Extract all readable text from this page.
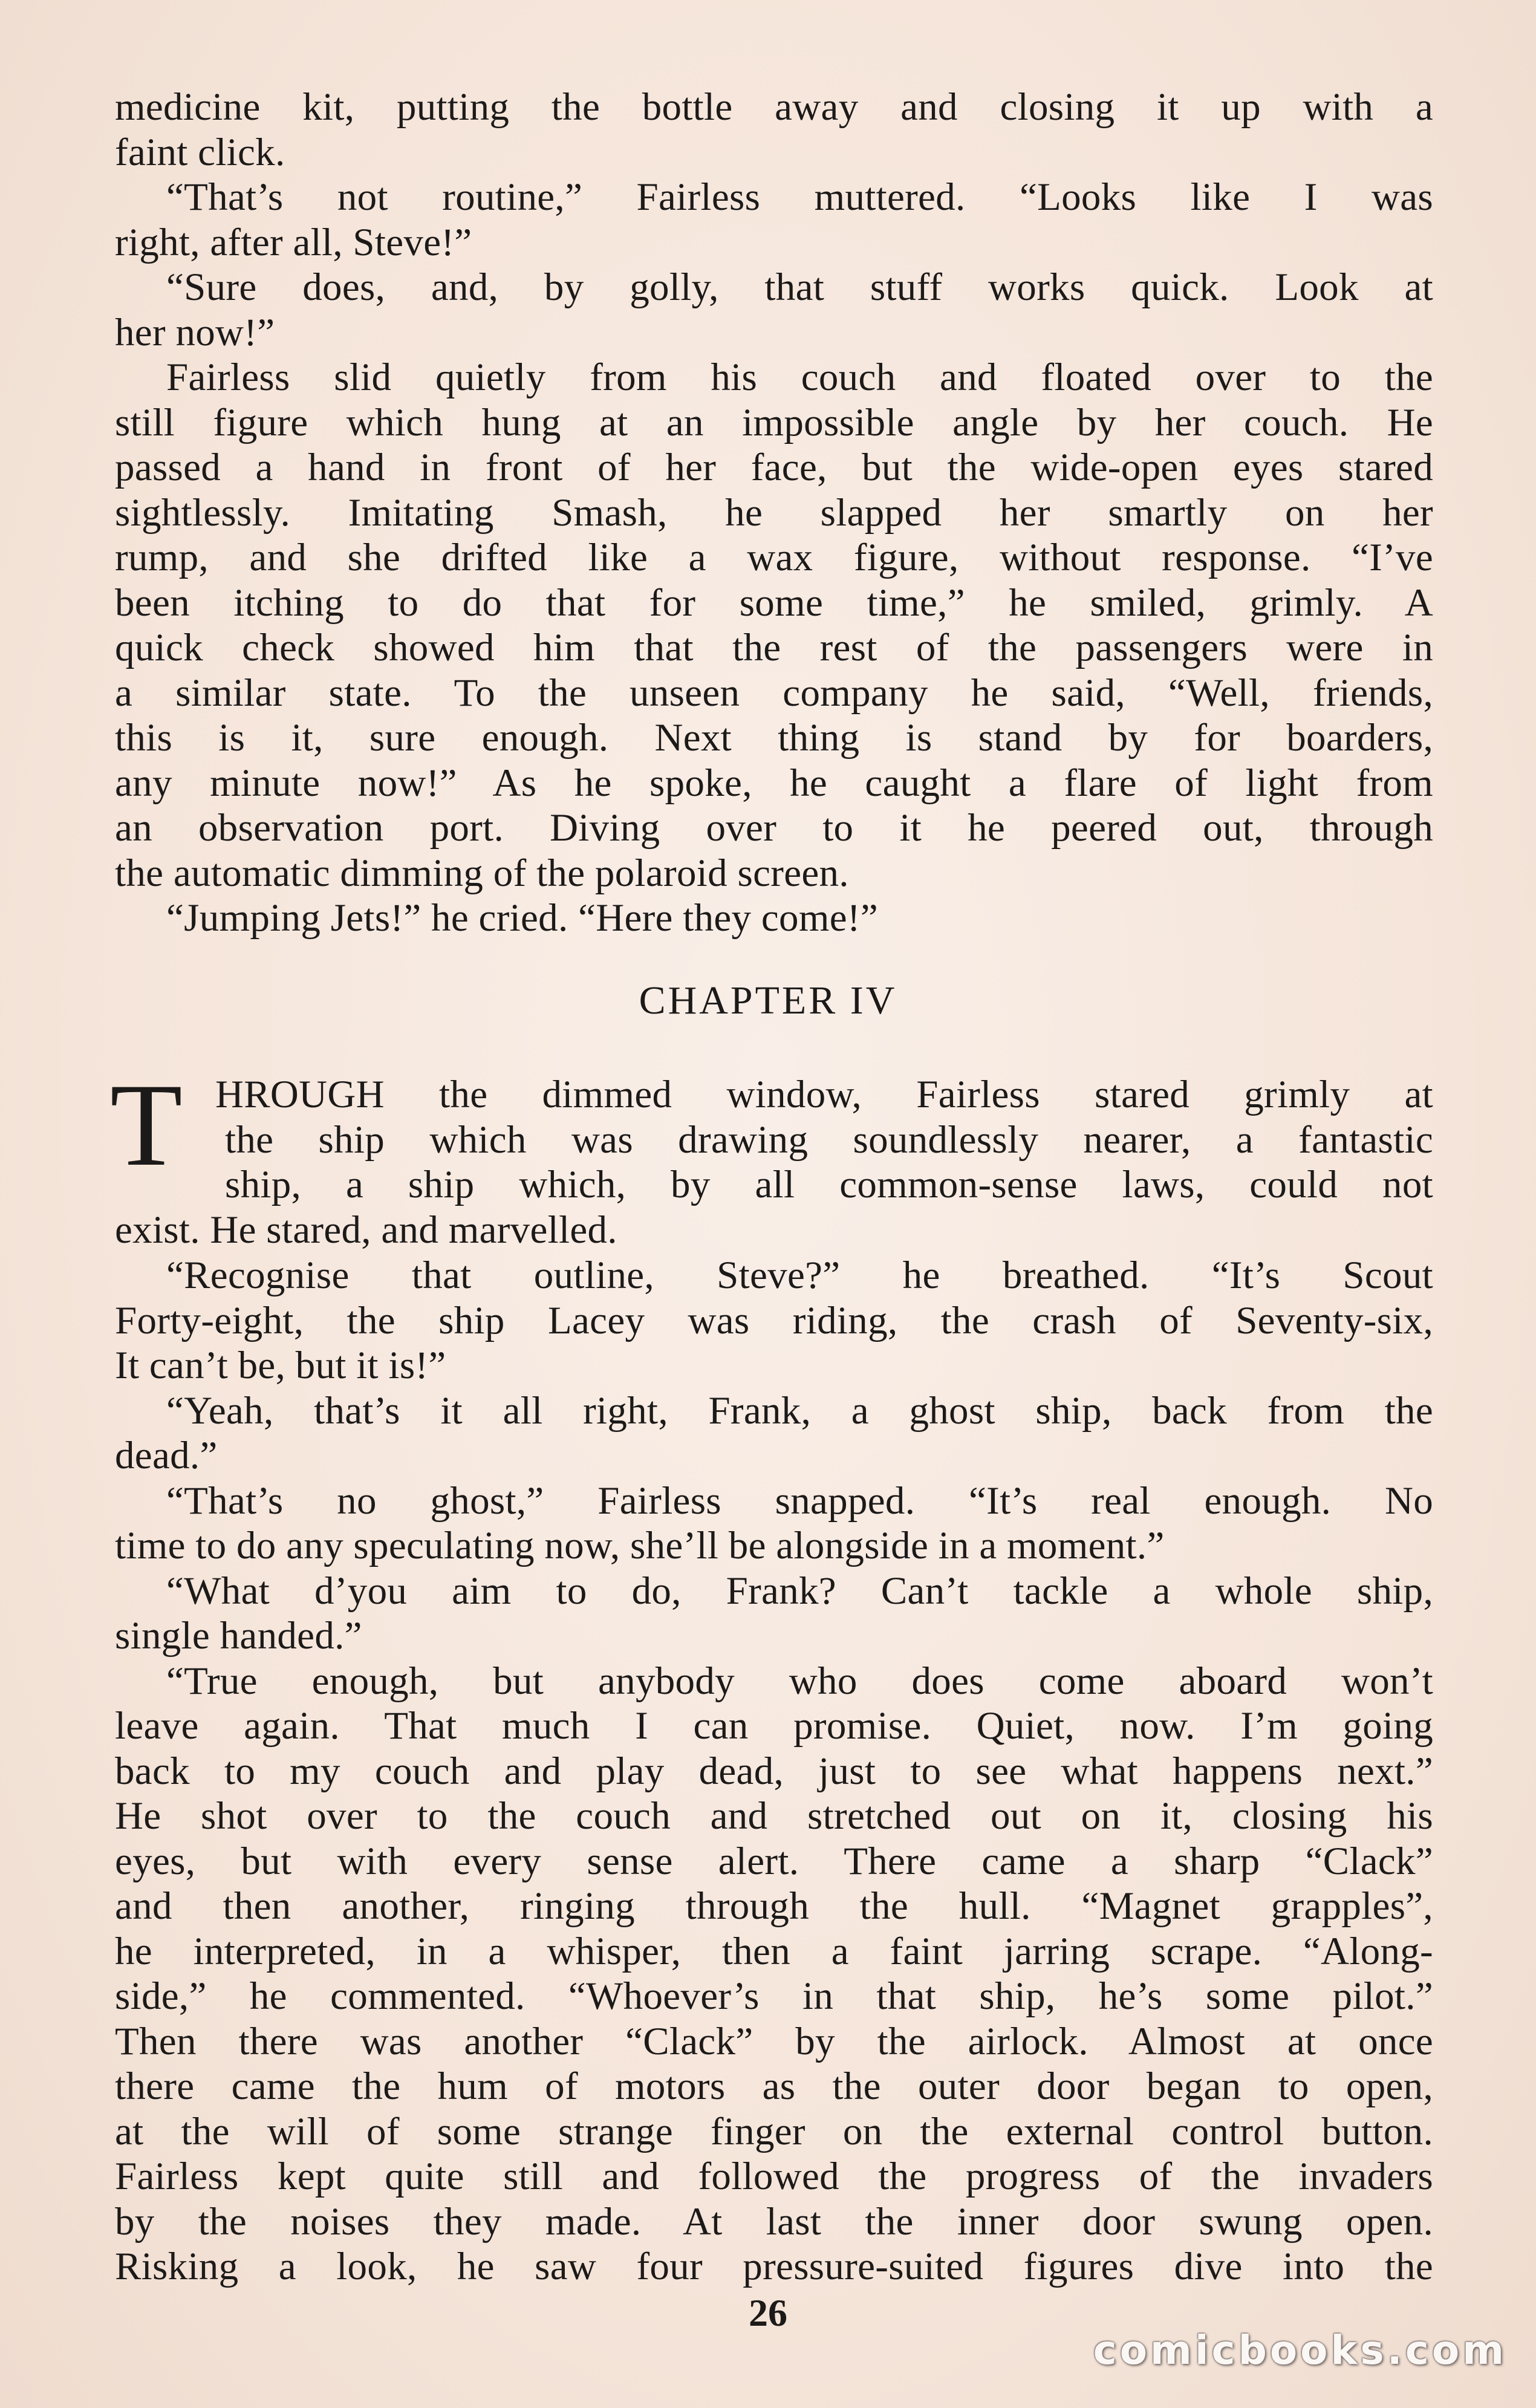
medicine kit, putting the bottle away and closing it up with a
faint click.
“That’s not routine,” Fairless muttered. “Looks like I was
right, after all, Steve!”
“Sure does, and, by golly, that stuff works quick. Look at
her now!”
Fairless slid quietly from his couch and floated over to the
still figure which hung at an impossible angle by her couch. He
passed a hand in front of her face, but the wide-open eyes stared
sightlessly. Imitating Smash, he slapped her smartly on her
rump, and she drifted like a wax figure, without response. “I’ve
been itching to do that for some time,” he smiled, grimly. A
quick check showed him that the rest of the passengers were in
a similar state. To the unseen company he said, “Well, friends,
this is it, sure enough. Next thing is stand by for boarders,
any minute now!” As he spoke, he caught a flare of light from
an observation port. Diving over to it he peered out, through
the automatic dimming of the polaroid screen.
“Jumping Jets!” he cried. “Here they come!”
CHAPTER IV
T HROUGH the dimmed window, Fairless stared grimly at
the ship which was drawing soundlessly nearer, a fantastic
ship, a ship which, by all common-sense laws, could not
exist. He stared, and marvelled.
“Recognise that outline, Steve?” he breathed. “It’s Scout
Forty-eight, the ship Lacey was riding, the crash of Seventy-six,
It can’t be, but it is!”
“Yeah, that’s it all right, Frank, a ghost ship, back from the
dead.”
“That’s no ghost,” Fairless snapped. “It’s real enough. No
time to do any speculating now, she’ll be alongside in a moment.”
“What d’you aim to do, Frank? Can’t tackle a whole ship,
single handed.”
“True enough, but anybody who does come aboard won’t
leave again. That much I can promise. Quiet, now. I’m going
back to my couch and play dead, just to see what happens next.”
He shot over to the couch and stretched out on it, closing his
eyes, but with every sense alert. There came a sharp “Clack”
and then another, ringing through the hull. “Magnet grapples”,
he interpreted, in a whisper, then a faint jarring scrape. “Along-
side,” he commented. “Whoever’s in that ship, he’s some pilot.”
Then there was another “Clack” by the airlock. Almost at once
there came the hum of motors as the outer door began to open,
at the will of some strange finger on the external control button.
Fairless kept quite still and followed the progress of the invaders
by the noises they made. At last the inner door swung open.
Risking a look, he saw four pressure-suited figures dive into the
26
comicbooks.com
